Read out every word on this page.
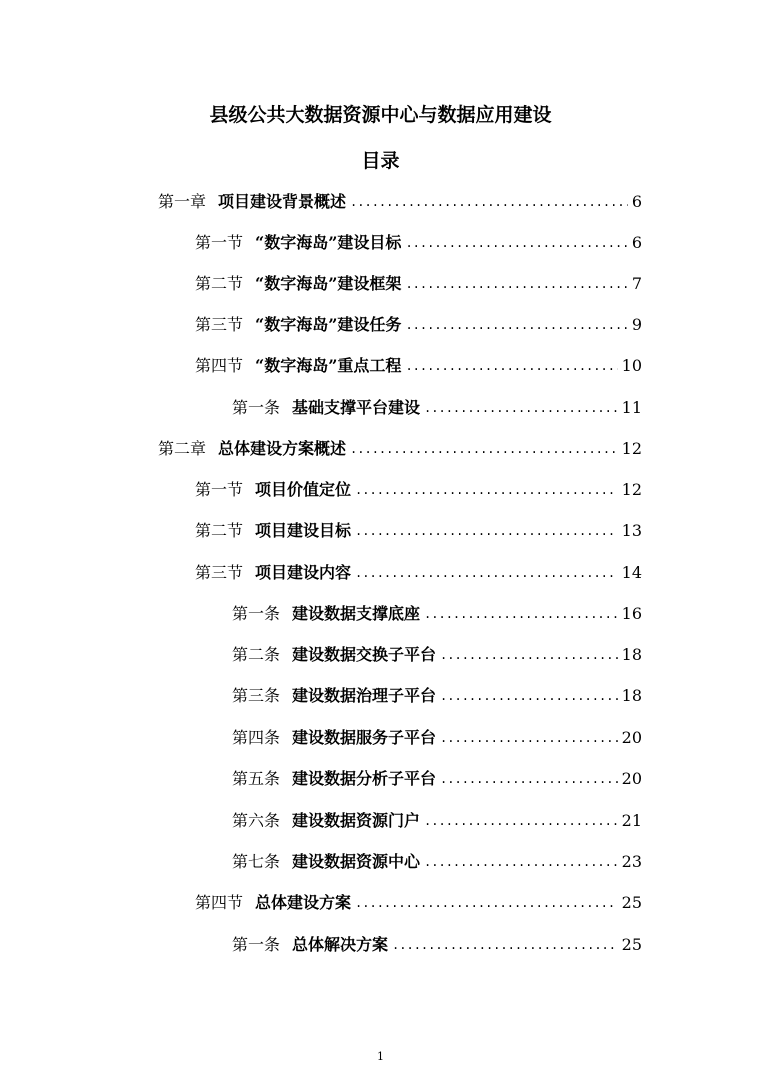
县级公共大数据资源中心与数据应用建设
目录
第一章 项目建设背景概述 .....	6
第一节 “数字海岛”建设目标 .....	6
第二节 “数字海岛”建设框架 .....	7
第三节 “数字海岛”建设任务 .....	9
第四节 “数字海岛”重点工程 .....	10
第一条 基础支撑平台建设 .....	11
第二章 总体建设方案概述 .....	12
第一节 项目价值定位 .....	12
第二节 项目建设目标 .....	13
第三节 项目建设内容 .....	14
第一条 建设数据支撑底座 .....	16
第二条 建设数据交换子平台 .....	18
第三条 建设数据治理子平台 .....	18
第四条 建设数据服务子平台 .....	20
第五条 建设数据分析子平台 .....	20
第六条 建设数据资源门户 .....	21
第七条 建设数据资源中心 .....	23
第四节 总体建设方案 .....	25
第一条 总体解决方案 .....	25
1
